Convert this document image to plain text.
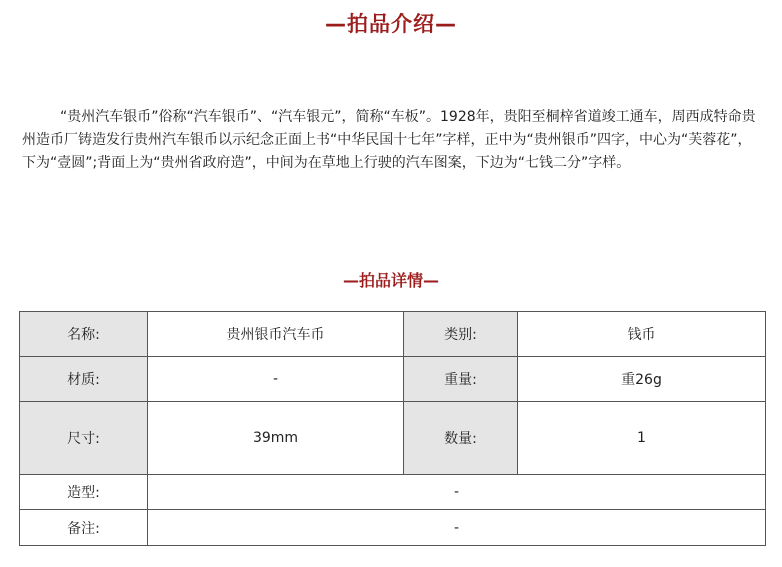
—拍品介绍—

“贵州汽车银币”俗称“汽车银币”、“汽车银元”，简称“车板”。1928年，贵阳至桐梓省道竣工通车，周西成特命贵州造币厂铸造发行贵州汽车银币以示纪念正面上书“中华民国十七年”字样，正中为“贵州银币”四字，中心为“芙蓉花”，下为“壹圆”;背面上为“贵州省政府造”，中间为在草地上行驶的汽车图案，下边为“七钱二分”字样。

—拍品详情—
名称:	贵州银币汽车币	类别:	钱币
材质:	-	重量:	重26g
尺寸:	39mm	数量:	1
造型:	-		
备注:	-		
